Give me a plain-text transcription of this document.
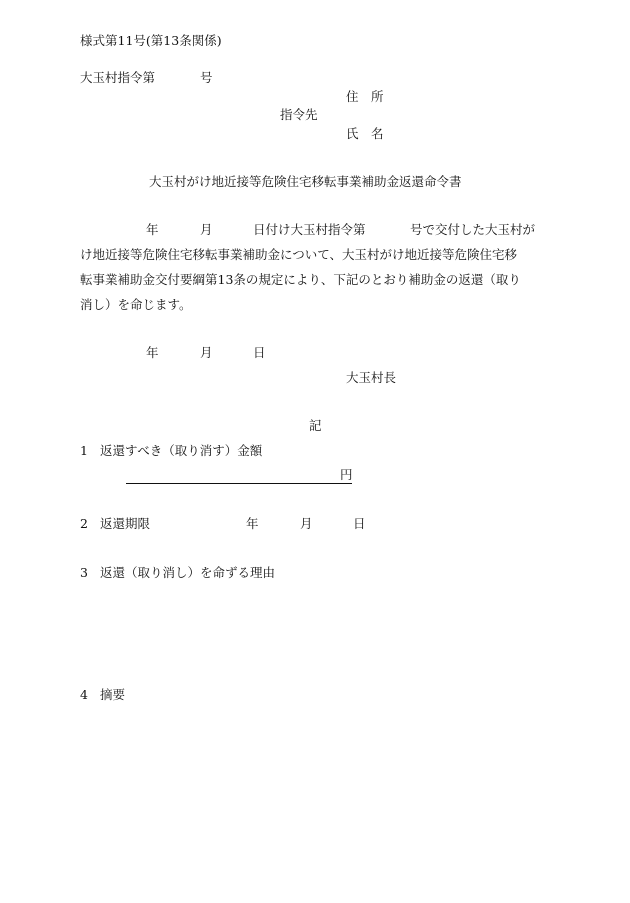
様式第11号(第13条関係)
大玉村指令第	号
住　所
指令先
氏　名
大玉村がけ地近接等危険住宅移転事業補助金返還命令書
年	月	日付け大玉村指令第	号で交付した大玉村が
け地近接等危険住宅移転事業補助金について、大玉村がけ地近接等危険住宅移
転事業補助金交付要綱第13条の規定により、下記のとおり補助金の返還（取り
消し）を命じます。
年	月	日
大玉村長
記
1 返還すべき（取り消す）金額
円
2 返還期限	年	月	日
3 返還（取り消し）を命ずる理由
4 摘要
